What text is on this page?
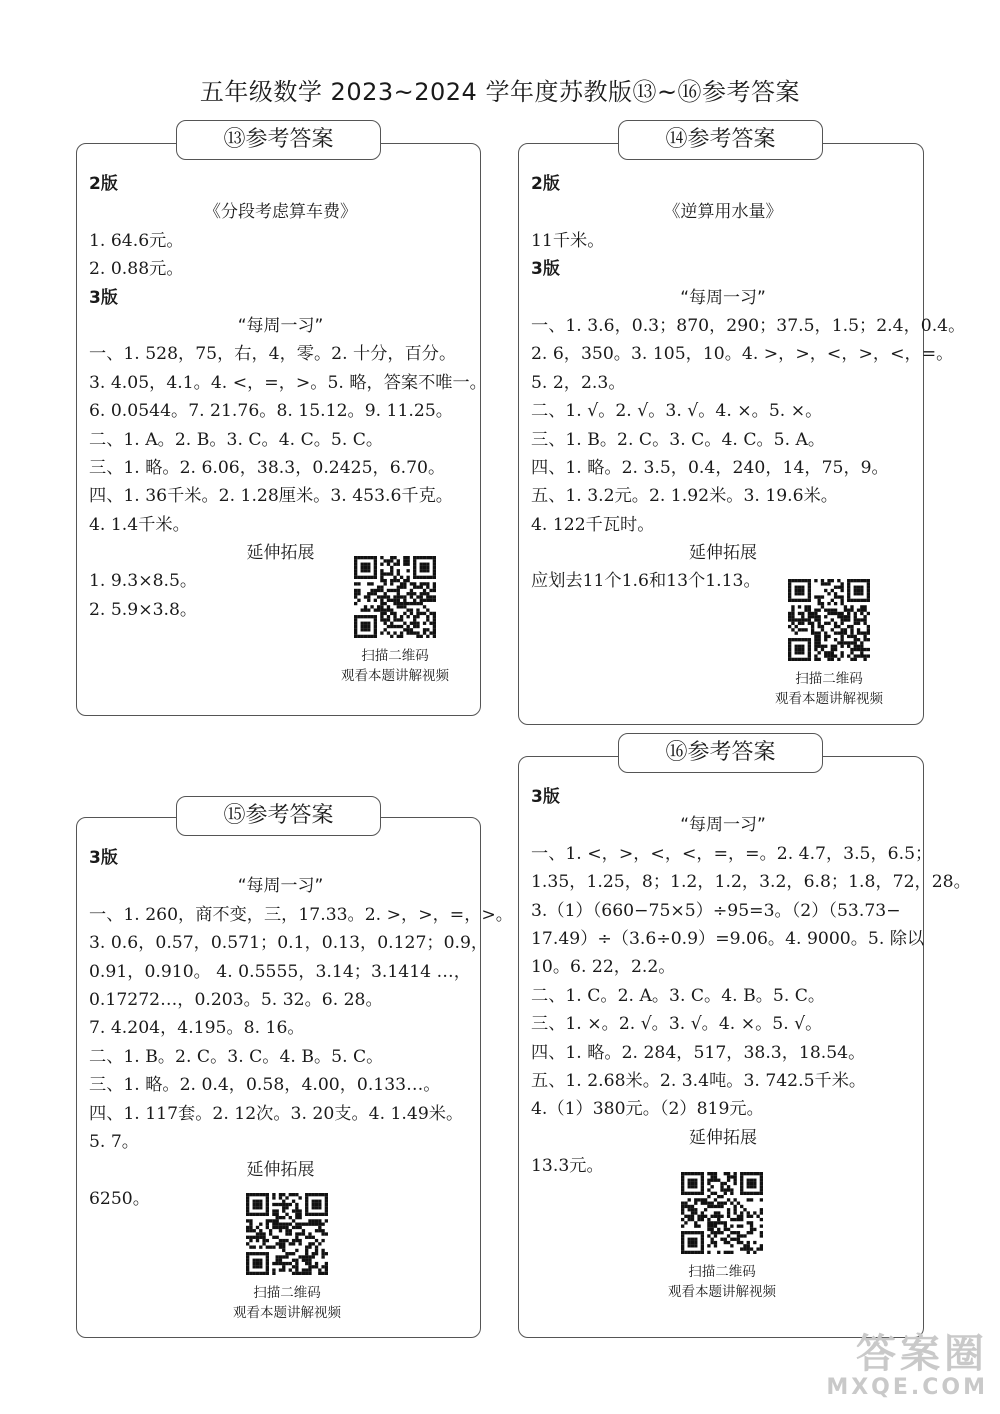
五年级数学 2023~2024 学年度苏教版⑬~⑯参考答案
2版
《分段考虑算车费》
1. 64.6元。
2. 0.88元。
3版
“每周一习”
一、1. 528，75，右，4，零。2. 十分，百分。
3. 4.05，4.1。4. <，=，>。5. 略，答案不唯一。
6. 0.0544。7. 21.76。8. 15.12。9. 11.25。
二、1. A。2. B。3. C。4. C。5. C。
三、1. 略。2. 6.06，38.3，0.2425，6.70。
四、1. 36千米。2. 1.28厘米。3. 453.6千克。
4. 1.4千米。
延伸拓展
1. 9.3×8.5。
2. 5.9×3.8。
扫描二维码
观看本题讲解视频
⑬参考答案
2版
《逆算用水量》
11千米。
3版
“每周一习”
一、1. 3.6，0.3；870，290；37.5，1.5；2.4，0.4。
2. 6，350。3. 105，10。4. >，>，<，>，<，=。
5. 2，2.3。
二、1. √。2. √。3. √。4. ×。5. ×。
三、1. B。2. C。3. C。4. C。5. A。
四、1. 略。2. 3.5，0.4，240，14，75，9。
五、1. 3.2元。2. 1.92米。3. 19.6米。
4. 122千瓦时。
延伸拓展
应划去11个1.6和13个1.13。
扫描二维码
观看本题讲解视频
⑭参考答案
3版
“每周一习”
一、1. 260，商不变，三，17.33。2. >，>，=，>。
3. 0.6，0.57，0.571；0.1，0.13，0.127；0.9，
0.91，0.910。 4. 0.5555，3.14；3.1414 …，
0.17272…，0.203。5. 32。6. 28。
7. 4.204，4.195。8. 16。
二、1. B。2. C。3. C。4. B。5. C。
三、1. 略。2. 0.4，0.58，4.00，0.133…。
四、1. 117套。2. 12次。3. 20支。4. 1.49米。
5. 7。
延伸拓展
6250。
扫描二维码
观看本题讲解视频
⑮参考答案
3版
“每周一习”
一、1. <，>，<，<，=，=。2. 4.7，3.5，6.5；
1.35，1.25，8；1.2，1.2，3.2，6.8；1.8，72，28。
3.（1）（660−75×5）÷95=3。（2）（53.73−
17.49）÷（3.6÷0.9）=9.06。4. 9000。5. 除以
10。6. 22，2.2。
二、1. C。2. A。3. C。4. B。5. C。
三、1. ×。2. √。3. √。4. ×。5. √。
四、1. 略。2. 284，517，38.3，18.54。
五、1. 2.68米。2. 3.4吨。3. 742.5千米。
4.（1）380元。（2）819元。
延伸拓展
13.3元。
扫描二维码
观看本题讲解视频
⑯参考答案
答案圈
MXQE.COM
